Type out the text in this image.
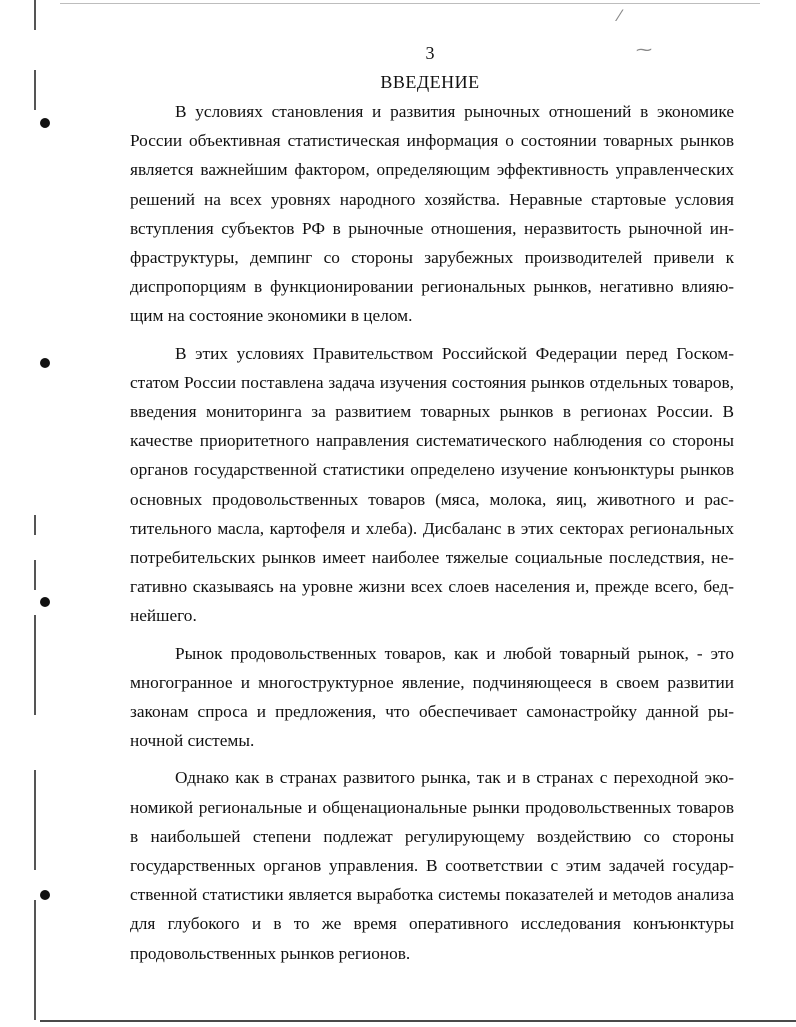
⁄
⁓
3
ВВЕДЕНИЕ

В условиях становления и развития рыночных отношений в экономике России объективная статистическая информация о состоянии товарных рынков является важнейшим фактором, определяющим эффективность управленческих решений на всех уровнях народного хозяйства. Неравные стартовые условия вступления субъектов РФ в рыночные отношения, неразвитость рыночной инфраструктуры, демпинг со стороны зарубежных производителей привели к диспропорциям в функционировании региональных рынков, негативно влияющим на состояние экономики в целом.

В этих условиях Правительством Российской Федерации перед Госкомстатом России поставлена задача изучения состояния рынков отдельных товаров, введения мониторинга за развитием товарных рынков в регионах России. В качестве приоритетного направления систематического наблюдения со стороны органов государственной статистики определено изучение конъюнктуры рынков основных продовольственных товаров (мяса, молока, яиц, животного и растительного масла, картофеля и хлеба). Дисбаланс в этих секторах региональных потребительских рынков имеет наиболее тяжелые социальные последствия, негативно сказываясь на уровне жизни всех слоев населения и, прежде всего, беднейшего.

Рынок продовольственных товаров, как и любой товарный рынок, - это многогранное и многоструктурное явление, подчиняющееся в своем развитии законам спроса и предложения, что обеспечивает самонастройку данной рыночной системы.

Однако как в странах развитого рынка, так и в странах с переходной экономикой региональные и общенациональные рынки продовольственных товаров в наибольшей степени подлежат регулирующему воздействию со стороны государственных органов управления. В соответствии с этим задачей государственной статистики является выработка системы показателей и методов анализа для глубокого и в то же время оперативного исследования конъюнктуры продовольственных рынков регионов.
